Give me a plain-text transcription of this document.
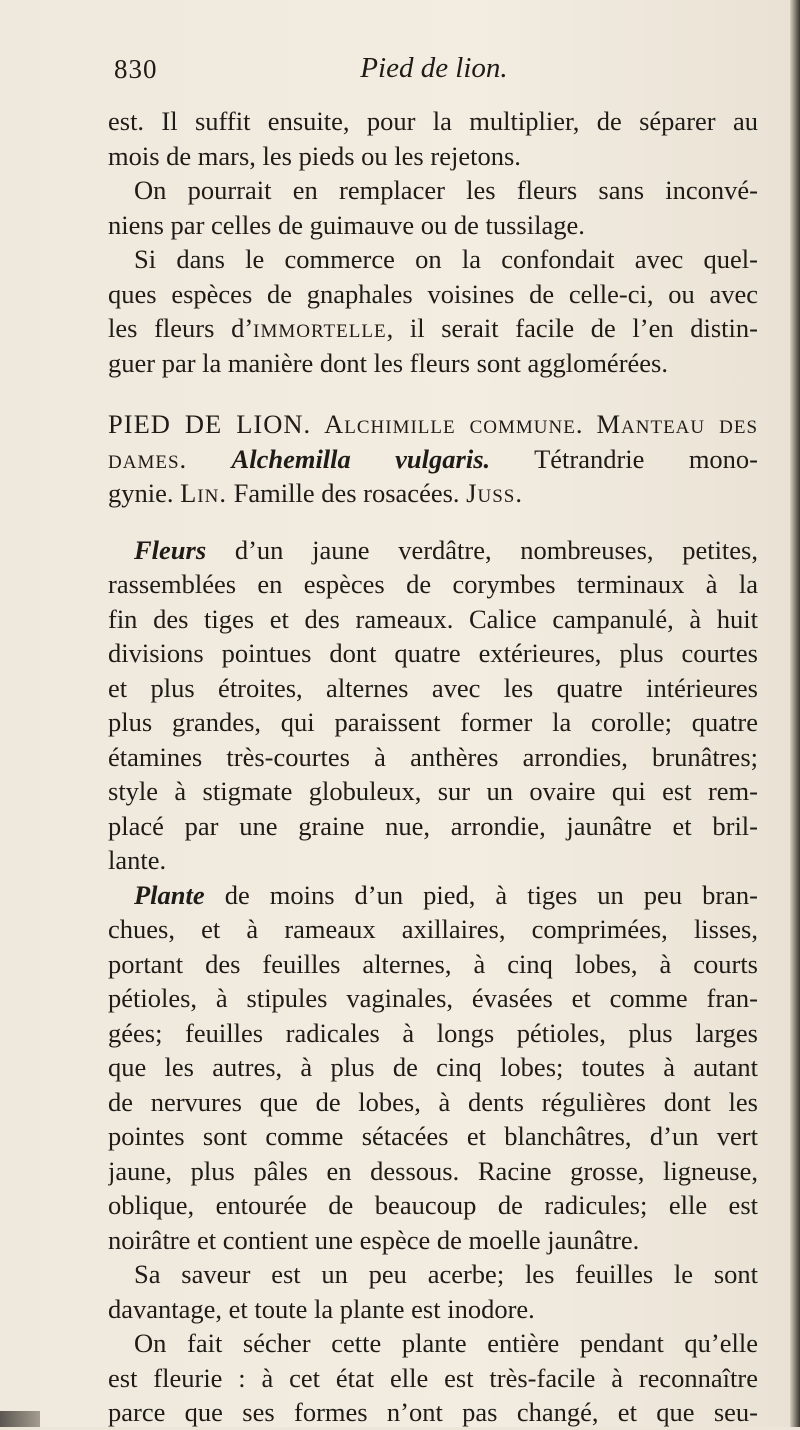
830	Pied de lion.
est. Il suffit ensuite, pour la multiplier, de séparer au
mois de mars, les pieds ou les rejetons.
On pourrait en remplacer les fleurs sans inconvé-
niens par celles de guimauve ou de tussilage.
Si dans le commerce on la confondait avec quel-
ques espèces de gnaphales voisines de celle-ci, ou avec
les fleurs d’immortelle, il serait facile de l’en distin-
guer par la manière dont les fleurs sont agglomérées.
PIED DE LION. Alchimille commune. Manteau des
dames. Alchemilla vulgaris. Tétrandrie mono-
gynie. Lin. Famille des rosacées. Juss.
Fleurs d’un jaune verdâtre, nombreuses, petites,
rassemblées en espèces de corymbes terminaux à la
fin des tiges et des rameaux. Calice campanulé, à huit
divisions pointues dont quatre extérieures, plus courtes
et plus étroites, alternes avec les quatre intérieures
plus grandes, qui paraissent former la corolle; quatre
étamines très-courtes à anthères arrondies, brunâtres;
style à stigmate globuleux, sur un ovaire qui est rem-
placé par une graine nue, arrondie, jaunâtre et bril-
lante.
Plante de moins d’un pied, à tiges un peu bran-
chues, et à rameaux axillaires, comprimées, lisses,
portant des feuilles alternes, à cinq lobes, à courts
pétioles, à stipules vaginales, évasées et comme fran-
gées; feuilles radicales à longs pétioles, plus larges
que les autres, à plus de cinq lobes; toutes à autant
de nervures que de lobes, à dents régulières dont les
pointes sont comme sétacées et blanchâtres, d’un vert
jaune, plus pâles en dessous. Racine grosse, ligneuse,
oblique, entourée de beaucoup de radicules; elle est
noirâtre et contient une espèce de moelle jaunâtre.
Sa saveur est un peu acerbe; les feuilles le sont
davantage, et toute la plante est inodore.
On fait sécher cette plante entière pendant qu’elle
est fleurie : à cet état elle est très-facile à reconnaître
parce que ses formes n’ont pas changé, et que seu-
